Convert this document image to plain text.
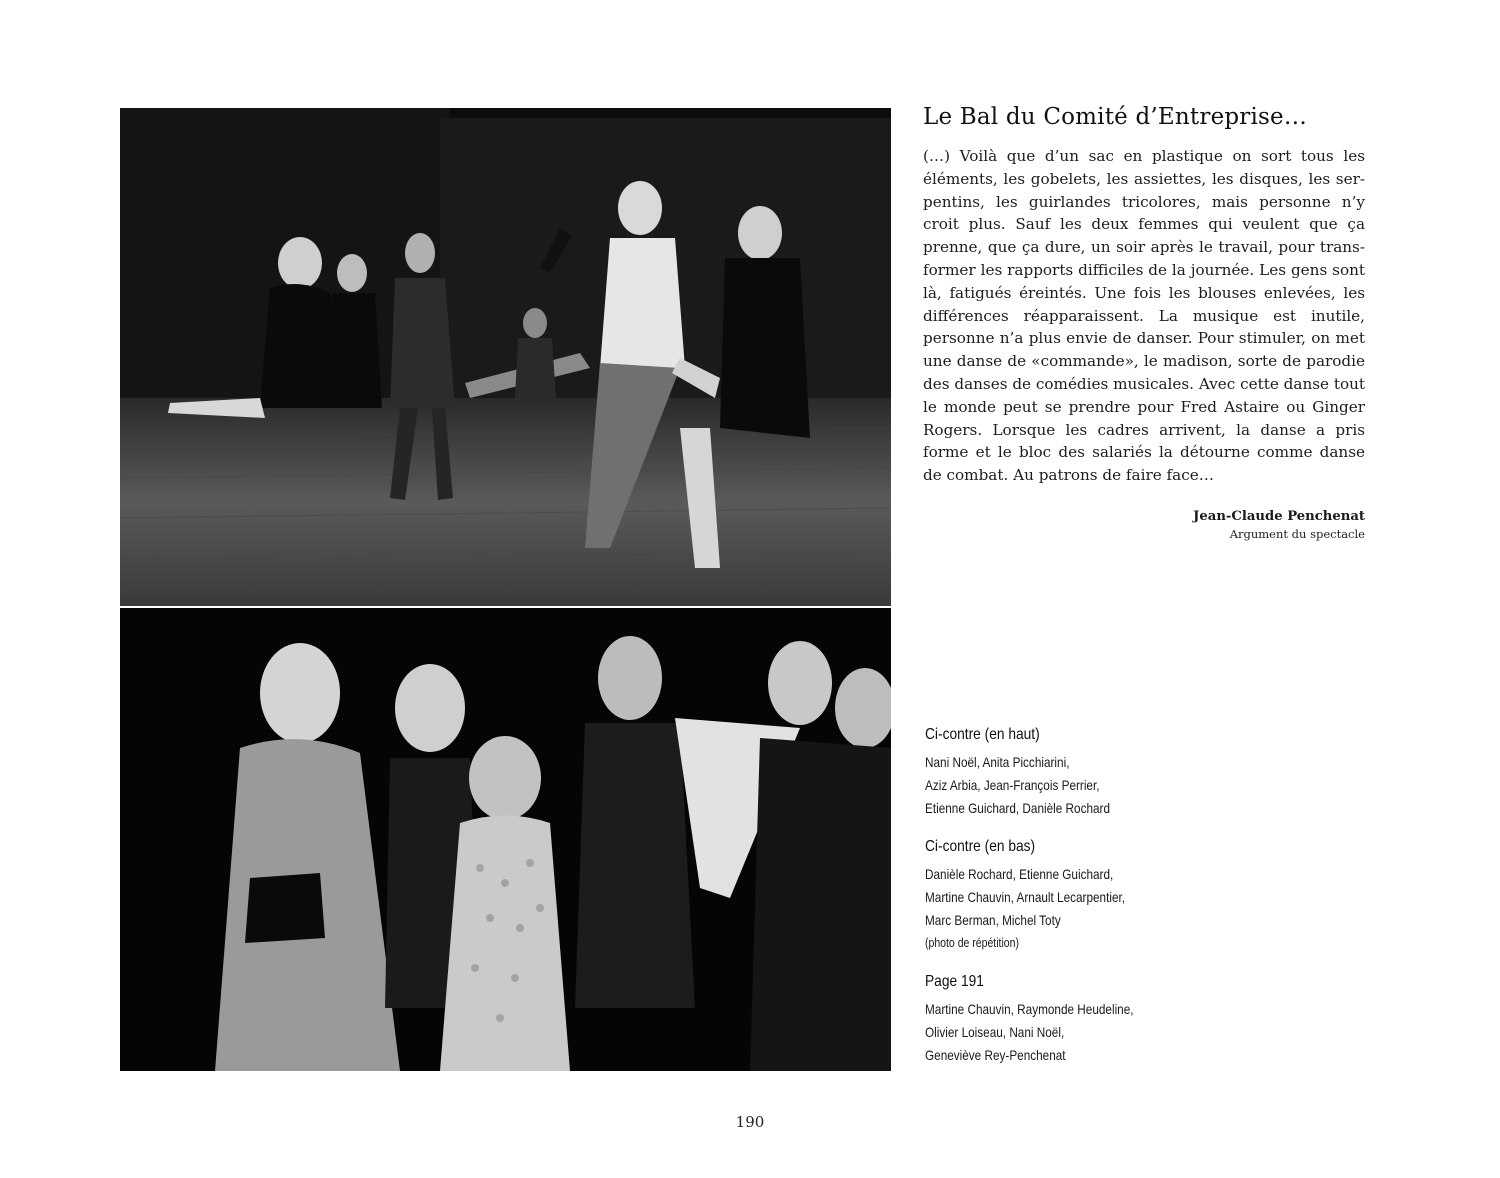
Le Bal du Comité d’Entreprise…

(…) Voilà que d’un sac en plastique on sort tous les éléments, les gobelets, les assiettes, les disques, les serpentins, les guirlandes tricolores, mais personne n’y croit plus. Sauf les deux femmes qui veulent que ça prenne, que ça dure, un soir après le travail, pour transformer les rapports difficiles de la journée. Les gens sont là, fatigués éreintés. Une fois les blouses enlevées, les différences réapparaissent. La musique est inutile, personne n’a plus envie de danser. Pour stimuler, on met une danse de «commande», le madison, sorte de parodie des danses de comédies musicales. Avec cette danse tout le monde peut se prendre pour Fred Astaire ou Ginger Rogers. Lorsque les cadres arrivent, la danse a pris forme et le bloc des salariés la détourne comme danse de combat. Au patrons de faire face…

Jean-Claude Penchenat
Argument du spectacle
Ci-contre (en haut)
Nani Noël, Anita Picchiarini,
Aziz Arbia, Jean-François Perrier,
Etienne Guichard, Danièle Rochard
Ci-contre (en bas)
Danièle Rochard, Etienne Guichard,
Martine Chauvin, Arnault Lecarpentier,
Marc Berman, Michel Toty
(photo de répétition)
Page 191
Martine Chauvin, Raymonde Heudeline,
Olivier Loiseau, Nani Noël,
Geneviève Rey-Penchenat
190
